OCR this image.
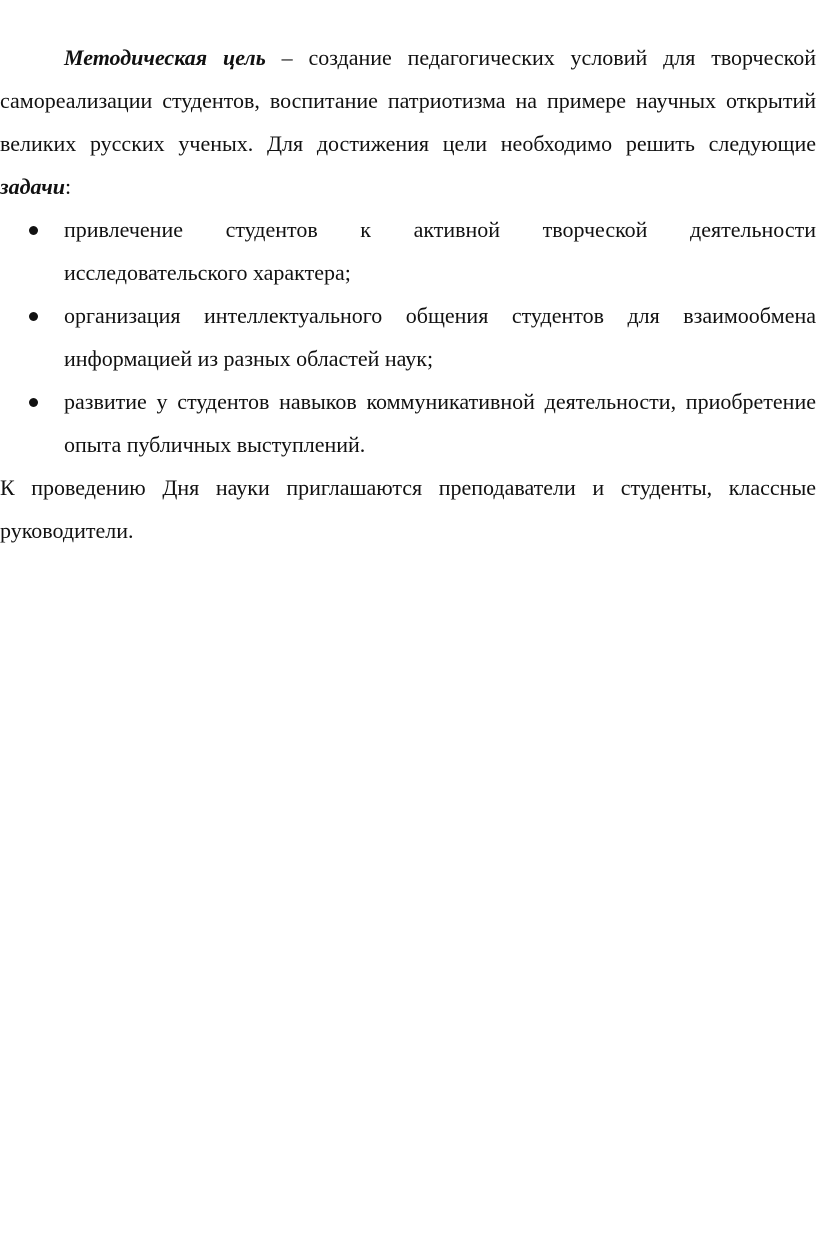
Методическая цель – создание педагогических условий для творческой самореализации студентов, воспитание патриотизма на примере научных открытий великих русских ученых. Для достижения цели необходимо решить следующие задачи:

привлечение студентов к активной творческой деятельности исследовательского характера;
организация интеллектуального общения студентов для взаимообмена информацией из разных областей наук;
развитие у студентов навыков коммуникативной деятельности, приобретение опыта публичных выступлений.

К проведению Дня науки приглашаются преподаватели и студенты, классные руководители.
